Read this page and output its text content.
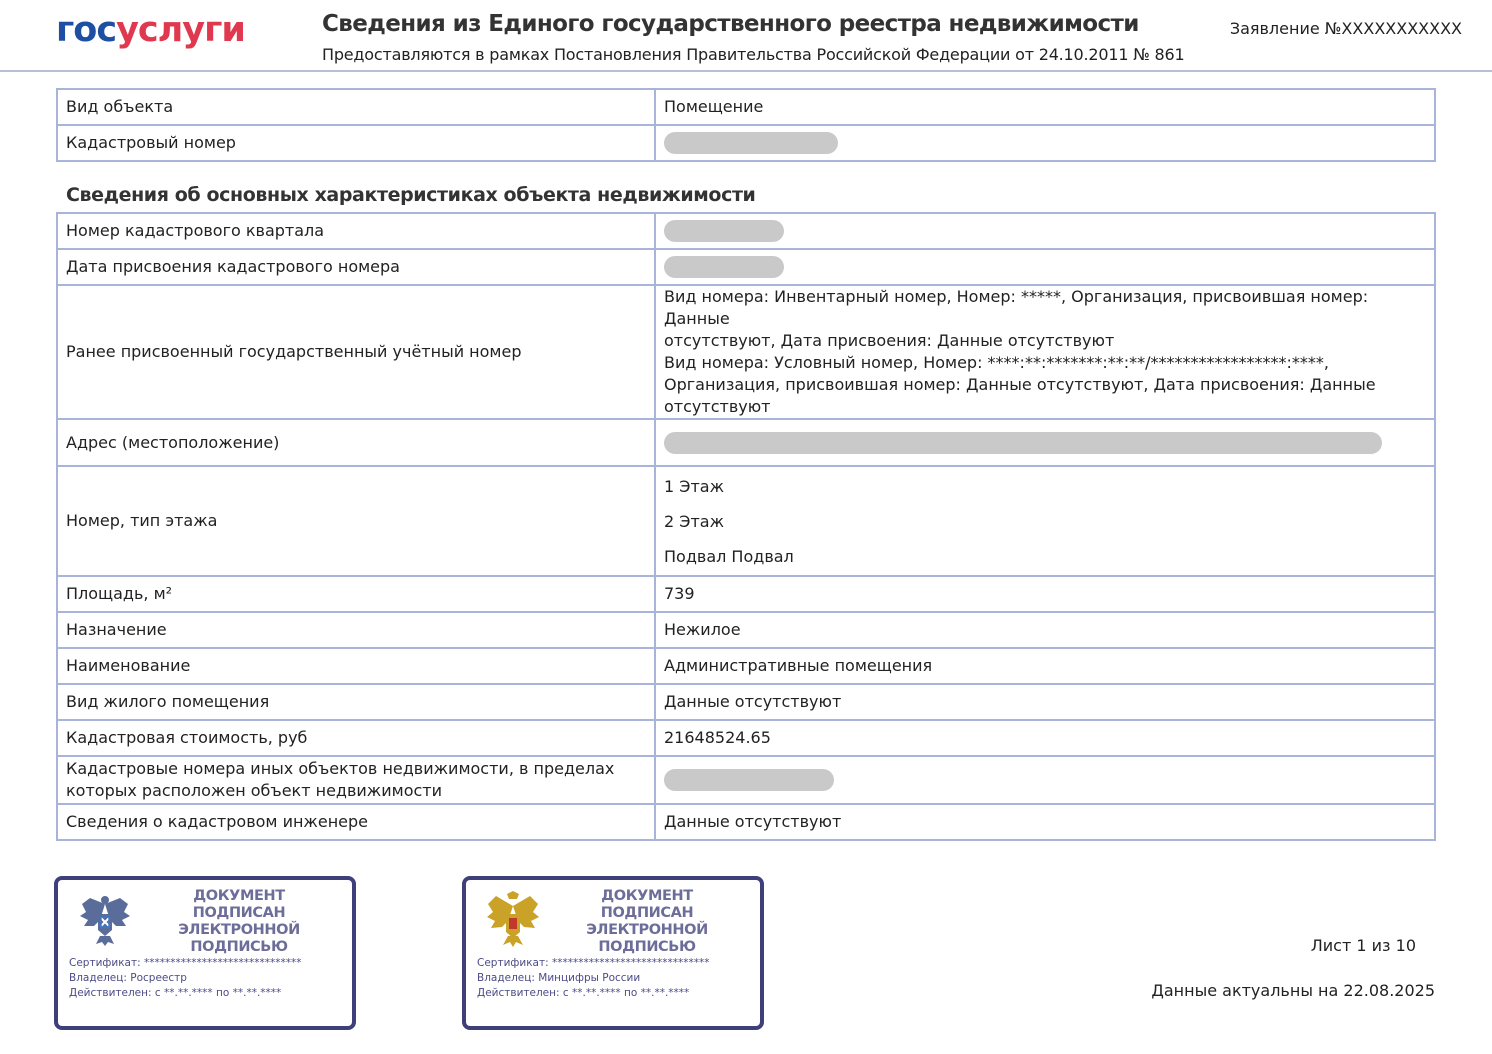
госуслуги	Сведения из Единого государственного реестра недвижимости
Предоставляются в рамках Постановления Правительства Российской Федерации от 24.10.2011 № 861
Заявление №XXXXXXXXXXX
Вид объекта	Помещение
Кадастровый номер	
Сведения об основных характеристиках объекта недвижимости
Номер кадастрового квартала	
Дата присвоения кадастрового номера	
Ранее присвоенный государственный учётный номер	Вид номера: Инвентарный номер, Номер: *****, Организация, присвоившая номер: Данные
отсутствуют, Дата присвоения: Данные отсутствуют
Вид номера: Условный номер, Номер: ****:**:*******:**:**/*****************:****,
Организация, присвоившая номер: Данные отсутствуют, Дата присвоения: Данные
отсутствуют

Адрес (местоположение)	
Номер, тип этажа	1 Этаж
2 Этаж
Подвал Подвал

Площадь, м²	739
Назначение	Нежилое
Наименование	Административные помещения
Вид жилого помещения	Данные отсутствуют
Кадастровая стоимость, руб	21648524.65

Кадастровые номера иных объектов недвижимости, в пределах
которых расположен объект недвижимости	

Сведения о кадастровом инженере	Данные отсутствуют
ДОКУМЕНТ ПОДПИСАН
ЭЛЕКТРОННОЙ
ПОДПИСЬЮ
Сертификат: ******************************
Владелец: Росреестр
Действителен: с **.**.**** по **.**.****
ДОКУМЕНТ ПОДПИСАН
ЭЛЕКТРОННОЙ
ПОДПИСЬЮ
Сертификат: ******************************
Владелец: Минцифры России
Действителен: с **.**.**** по **.**.****
Лист 1 из 10
Данные актуальны на 22.08.2025
